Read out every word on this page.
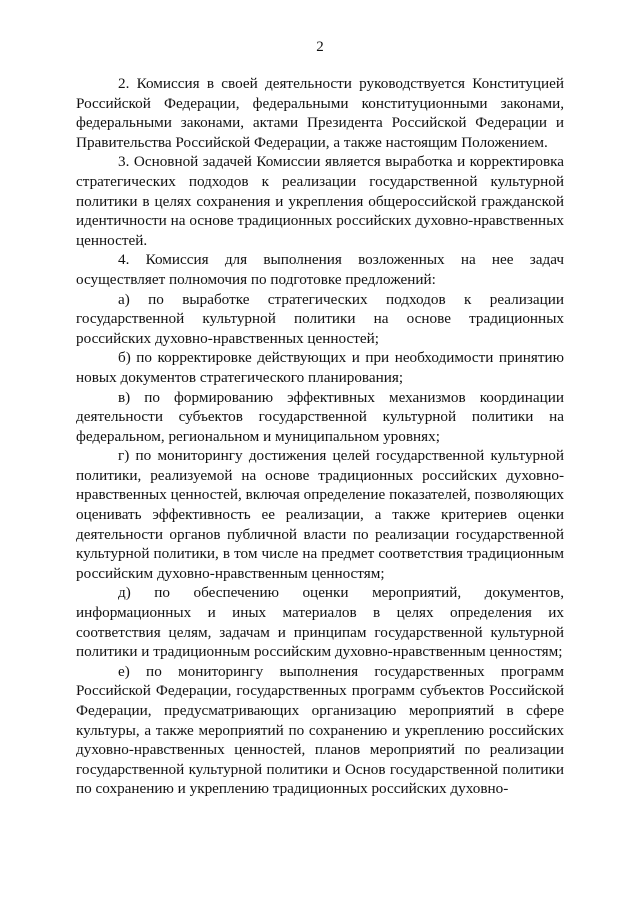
2

2. Комиссия в своей деятельности руководствуется Конституцией Российской Федерации, федеральными конституционными законами, федеральными законами, актами Президента Российской Федерации и Правительства Российской Федерации, а также настоящим Положением.

3. Основной задачей Комиссии является выработка и корректировка стратегических подходов к реализации государственной культурной политики в целях сохранения и укрепления общероссийской гражданской идентичности на основе традиционных российских духовно-нравственных ценностей.

4. Комиссия для выполнения возложенных на нее задач осуществляет полномочия по подготовке предложений:

а) по выработке стратегических подходов к реализации государственной культурной политики на основе традиционных российских духовно-нравственных ценностей;

б) по корректировке действующих и при необходимости принятию новых документов стратегического планирования;

в) по формированию эффективных механизмов координации деятельности субъектов государственной культурной политики на федеральном, региональном и муниципальном уровнях;

г) по мониторингу достижения целей государственной культурной политики, реализуемой на основе традиционных российских духовно-нравственных ценностей, включая определение показателей, позволяющих оценивать эффективность ее реализации, а также критериев оценки деятельности органов публичной власти по реализации государственной культурной политики, в том числе на предмет соответствия традиционным российским духовно-нравственным ценностям;

д) по обеспечению оценки мероприятий, документов, информационных и иных материалов в целях определения их соответствия целям, задачам и принципам государственной культурной политики и традиционным российским духовно-нравственным ценностям;

е) по мониторингу выполнения государственных программ Российской Федерации, государственных программ субъектов Российской Федерации, предусматривающих организацию мероприятий в сфере культуры, а также мероприятий по сохранению и укреплению российских духовно-нравственных ценностей, планов мероприятий по реализации государственной культурной политики и Основ государственной политики по сохранению и укреплению традиционных российских духовно-
